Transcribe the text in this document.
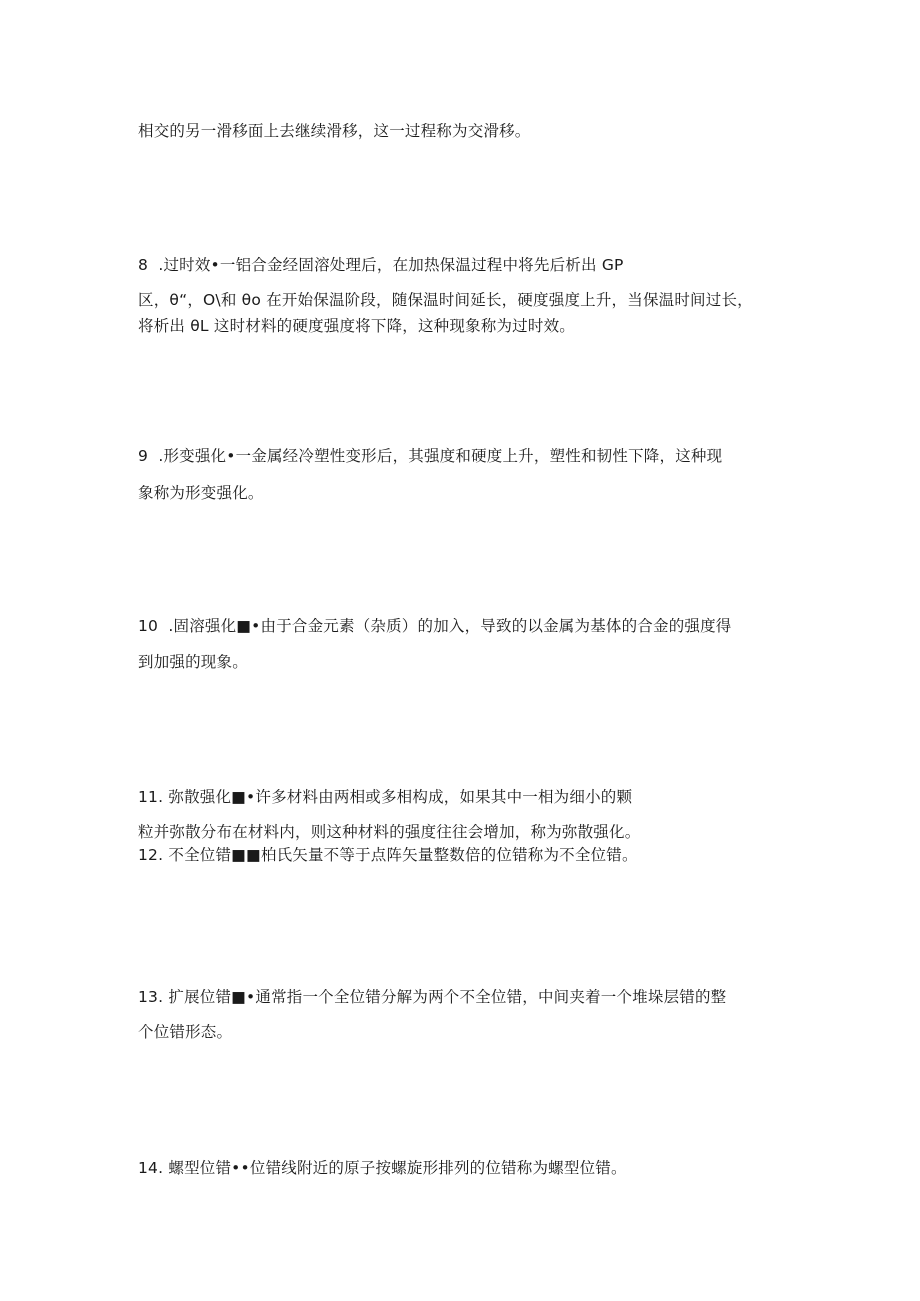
相交的另一滑移面上去继续滑移，这一过程称为交滑移。
8  .过时效•一铝合金经固溶处理后，在加热保温过程中将先后析出 GP
区，θ“，O\和 θo 在开始保温阶段，随保温时间延长，硬度强度上升，当保温时间过长，
将析出 θL 这时材料的硬度强度将下降，这种现象称为过时效。
9  .形变强化•一金属经冷塑性变形后，其强度和硬度上升，塑性和韧性下降，这种现
象称为形变强化。
10  .固溶强化■•由于合金元素（杂质）的加入，导致的以金属为基体的合金的强度得
到加强的现象。
11. 弥散强化■•许多材料由两相或多相构成，如果其中一相为细小的颗
粒并弥散分布在材料内，则这种材料的强度往往会增加，称为弥散强化。
12. 不全位错■■柏氏矢量不等于点阵矢量整数倍的位错称为不全位错。
13. 扩展位错■•通常指一个全位错分解为两个不全位错，中间夹着一个堆垛层错的整
个位错形态。
14. 螺型位错••位错线附近的原子按螺旋形排列的位错称为螺型位错。
